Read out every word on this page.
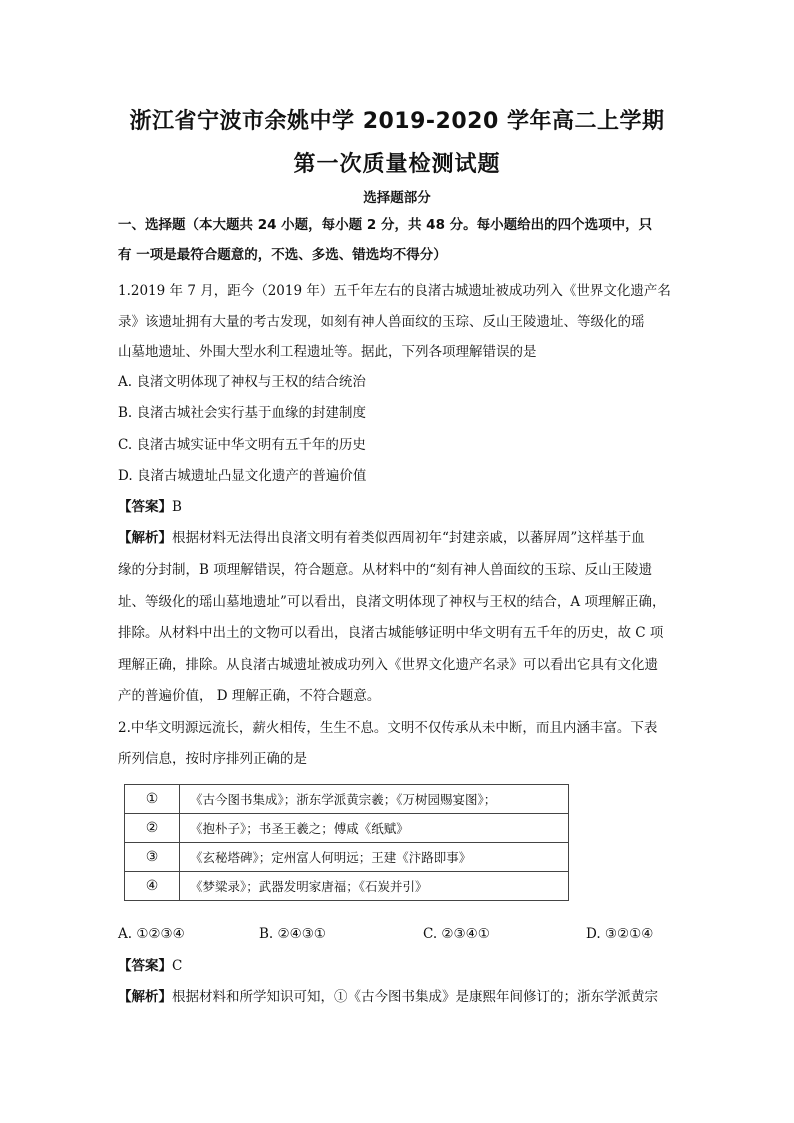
浙江省宁波市余姚中学 2019-2020 学年高二上学期
第一次质量检测试题
选择题部分
一、选择题（本大题共 24 小题，每小题 2 分，共 48 分。每小题给出的四个选项中，只
有 一项是最符合题意的，不选、多选、错选均不得分）
1.2019 年 7 月，距今（2019 年）五千年左右的良渚古城遗址被成功列入《世界文化遗产名
录》该遗址拥有大量的考古发现，如刻有神人兽面纹的玉琮、反山王陵遗址、等级化的瑶
山墓地遗址、外围大型水利工程遗址等。据此，下列各项理解错误的是
A. 良渚文明体现了神权与王权的结合统治
B. 良渚古城社会实行基于血缘的封建制度
C. 良渚古城实证中华文明有五千年的历史
D. 良渚古城遗址凸显文化遗产的普遍价值
【答案】B
【解析】根据材料无法得出良渚文明有着类似西周初年“封建亲戚，以蕃屏周”这样基于血
缘的分封制，B 项理解错误，符合题意。从材料中的“刻有神人兽面纹的玉琮、反山王陵遗
址、等级化的瑶山墓地遗址”可以看出，良渚文明体现了神权与王权的结合，A 项理解正确，
排除。从材料中出土的文物可以看出，良渚古城能够证明中华文明有五千年的历史，故 C 项
理解正确，排除。从良渚古城遗址被成功列入《世界文化遗产名录》可以看出它具有文化遗
产的普遍价值， D 理解正确，不符合题意。
2.中华文明源远流长，薪火相传，生生不息。文明不仅传承从未中断，而且内涵丰富。下表
所列信息，按时序排列正确的是
①	《古今图书集成》；浙东学派黄宗羲；《万树园赐宴图》；
②	《抱朴子》；书圣王羲之；傅咸《纸赋》
③	《玄秘塔碑》；定州富人何明远；王建《汴路即事》
④	《梦粱录》；武器发明家唐福；《石炭并引》
A. ①②③④	B. ②④③①	C. ②③④①	D. ③②①④
【答案】C
【解析】根据材料和所学知识可知，①《古今图书集成》是康熙年间修订的；浙东学派黄宗
